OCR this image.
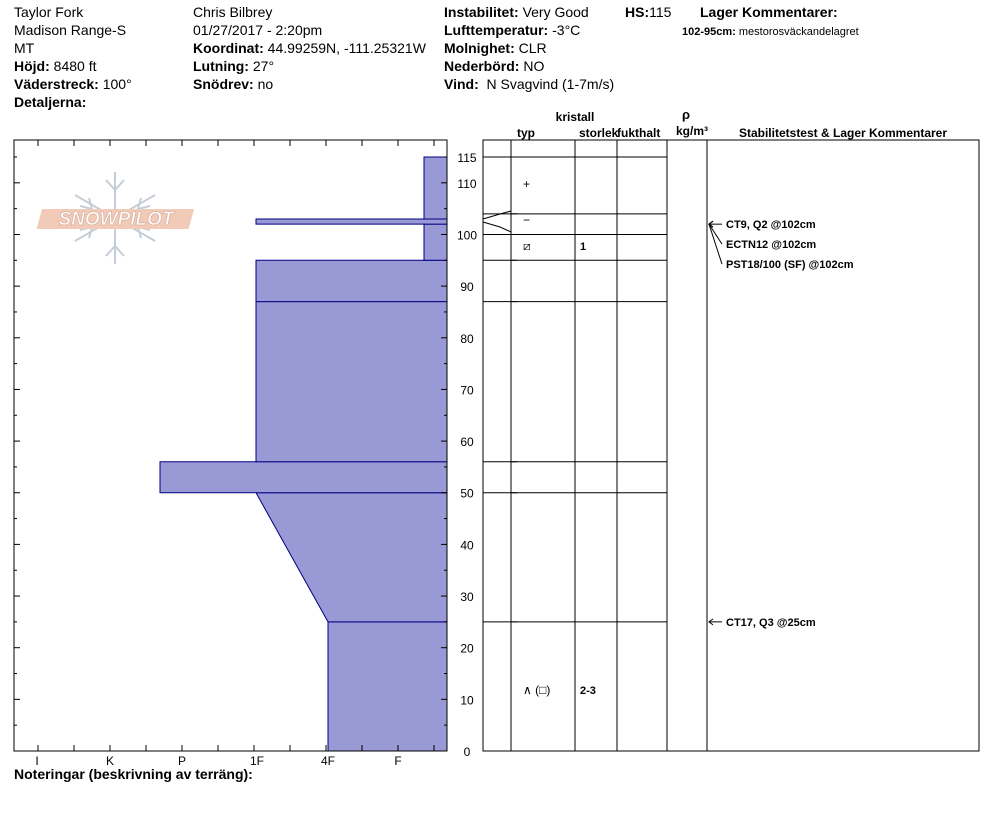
Taylor Fork
Madison Range-S
MT
Höjd: 8480 ft
Väderstreck: 100°
Detaljerna:
Chris Bilbrey
01/27/2017 - 2:20pm
Koordinat: 44.99259N, -111.25321W
Lutning: 27°
Snödrev: no
Instabilitet: Very Good
Lufttemperatur: -3°C
Molnighet: CLR
Nederbörd: NO
Vind: N Svagvind (1-7m/s)
HS:115 Lager Kommentarer:
102-95cm: mestorosväckandelagret
Noteringar (beskrivning av terräng):
SNOWPILOT
I	K	P	1F	4F	F
0
10
20
30
40
50
60
70
80
90
100
110
115
+
−
⧄	1
∧ (□)	2-3
CT9, Q2 @102cm
ECTN12 @102cm
PST18/100 (SF) @102cm
CT17, Q3 @25cm
typ
kristall
storlek
fukthalt
ρ
kg/m³	Stabilitetstest & Lager Kommentarer
